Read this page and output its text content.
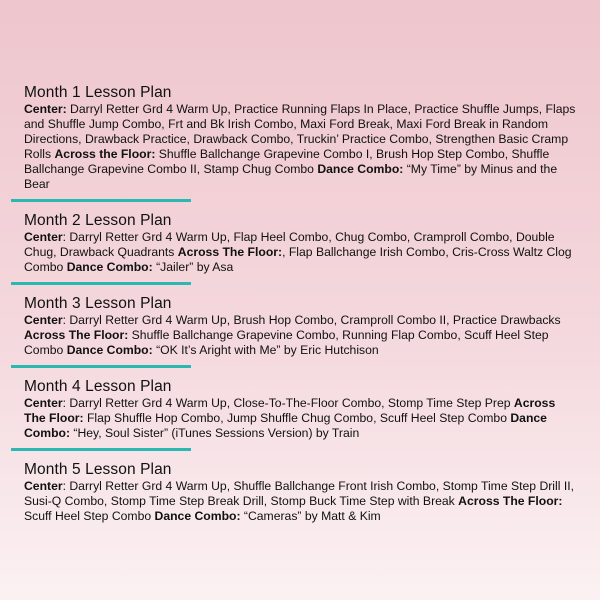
Month 1 Lesson Plan

Center: Darryl Retter Grd 4 Warm Up, Practice Running Flaps In Place, Practice Shuffle Jumps, Flaps and Shuffle Jump Combo, Frt and Bk Irish Combo, Maxi Ford Break, Maxi Ford Break in Random Directions, Drawback Practice, Drawback Combo, Truckin’ Practice Combo, Strengthen Basic Cramp Rolls Across the Floor: Shuffle Ballchange Grapevine Combo I, Brush Hop Step Combo, Shuffle Ballchange Grapevine Combo II, Stamp Chug Combo Dance Combo: “My Time” by Minus and the Bear

Month 2 Lesson Plan

Center: Darryl Retter Grd 4 Warm Up, Flap Heel Combo, Chug Combo, Cramproll Combo, Double Chug, Drawback Quadrants Across The Floor:, Flap Ballchange Irish Combo, Cris-Cross Waltz Clog Combo Dance Combo: “Jailer” by Asa

Month 3 Lesson Plan

Center: Darryl Retter Grd 4 Warm Up, Brush Hop Combo, Cramproll Combo II, Practice Drawbacks Across The Floor: Shuffle Ballchange Grapevine Combo, Running Flap Combo, Scuff Heel Step Combo Dance Combo: “OK It’s Aright with Me” by Eric Hutchison

Month 4 Lesson Plan

Center: Darryl Retter Grd 4 Warm Up, Close-To-The-Floor Combo, Stomp Time Step Prep Across The Floor: Flap Shuffle Hop Combo, Jump Shuffle Chug Combo, Scuff Heel Step Combo Dance Combo: “Hey, Soul Sister” (iTunes Sessions Version) by Train

Month 5 Lesson Plan

Center: Darryl Retter Grd 4 Warm Up, Shuffle Ballchange Front Irish Combo, Stomp Time Step Drill II, Susi-Q Combo, Stomp Time Step Break Drill, Stomp Buck Time Step with Break Across The Floor: Scuff Heel Step Combo Dance Combo: “Cameras” by Matt & Kim
